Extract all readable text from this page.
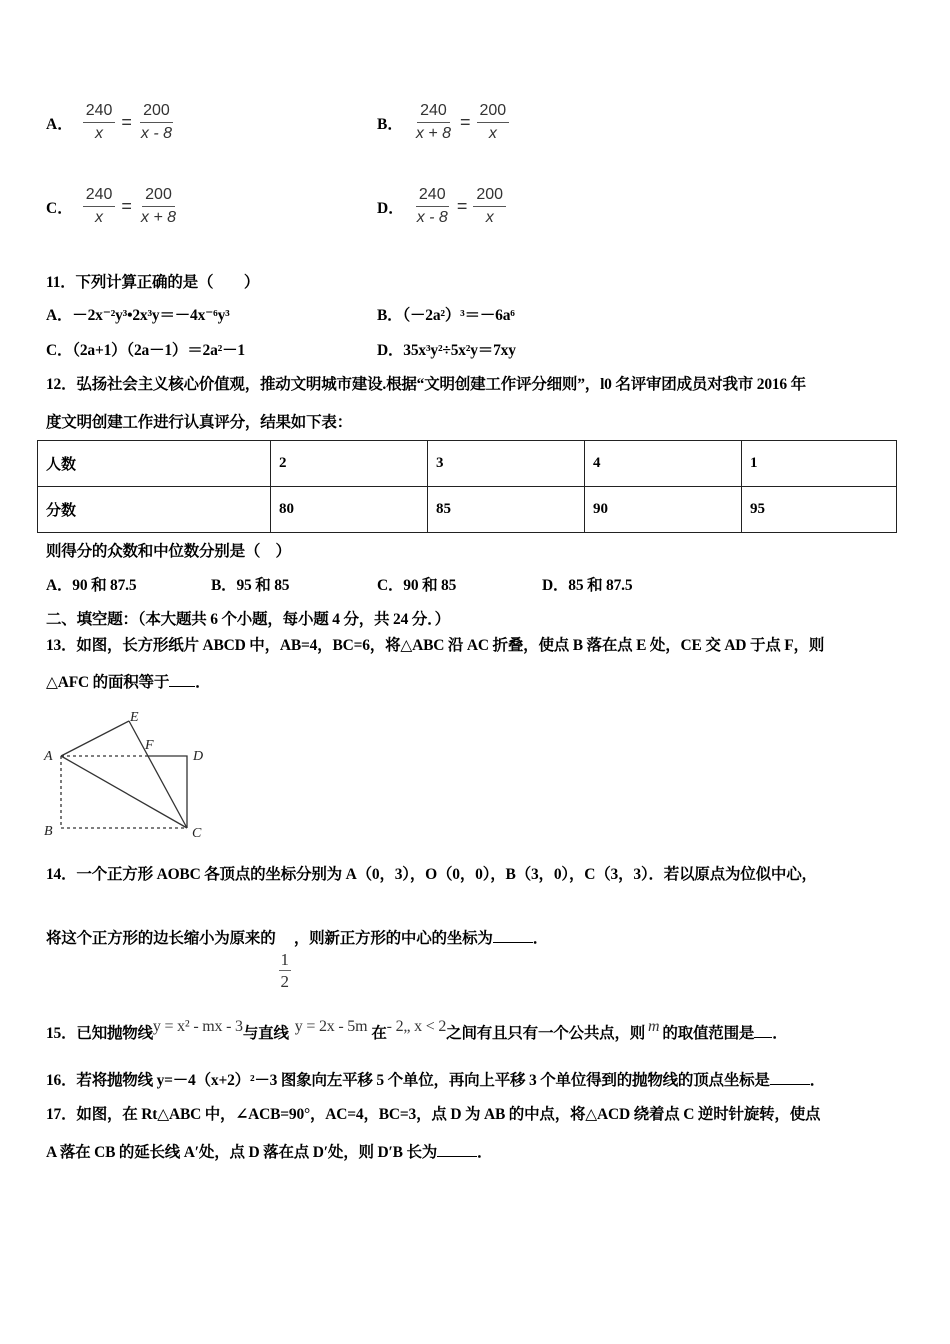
A． $\frac{240}{x} = \frac{200}{x - 8}$	B． $\frac{240}{x + 8} = \frac{200}{x}$
C． $\frac{240}{x} = \frac{200}{x + 8}$	D． $\frac{240}{x - 8} = \frac{200}{x}$
11．下列计算正确的是（　　）
A．－2x⁻²y³•2x³y＝－4x⁻⁶y³	B．（－2a²）³＝－6a⁶
C．（2a+1）（2a－1）＝2a²－1	D．35x³y²÷5x²y＝7xy
12．弘扬社会主义核心价值观，推动文明城市建设.根据“文明创建工作评分细则”，l0 名评审团成员对我市 2016 年
度文明创建工作进行认真评分，结果如下表：
人数	2	3	4	1
分数	80	85	90	95
则得分的众数和中位数分别是（　）
A．90 和 87.5	B．95 和 85	C．90 和 85	D．85 和 87.5
二、填空题：（本大题共 6 个小题，每小题 4 分，共 24 分．）
13．如图，长方形纸片 ABCD 中，AB=4，BC=6，将△ABC 沿 AC 折叠，使点 B 落在点 E 处，CE 交 AD 于点 F，则
△AFC 的面积等于 ．
A
B	C
D
E
F
14．一个正方形 AOBC 各顶点的坐标分别为 A（0，3），O（0，0），B（3，0），C（3，3）．若以原点为位似中心，
将这个正方形的边长缩小为原来的
$\frac{1}{2}$
，则新正方形的中心的坐标为	．
15．已知抛物线y = x² - mx - 3与直线 y = 2x - 5m 在- 2„ x < 2之间有且只有一个公共点，则 m 的取值范围是 ．
16．若将抛物线 y=－4（x+2）²－3 图象向左平移 5 个单位，再向上平移 3 个单位得到的抛物线的顶点坐标是	．
17．如图，在 Rt△ABC 中，∠ACB=90°，AC=4，BC=3，点 D 为 AB 的中点，将△ACD 绕着点 C 逆时针旋转，使点
A 落在 CB 的延长线 A′处，点 D 落在点 D′处，则 D′B 长为	．
